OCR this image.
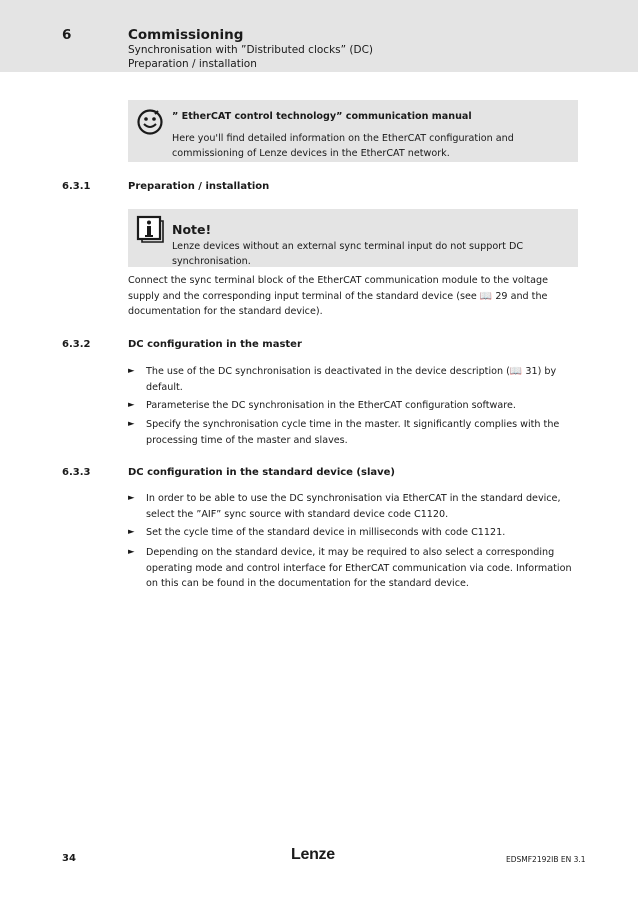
6	Commissioning
Synchronisation with ”Distributed clocks” (DC)
Preparation / installation
” EtherCAT control technology” communication manual
Here you'll find detailed information on the EtherCAT configuration and commissioning of Lenze devices in the EtherCAT network.
6.3.1	Preparation / installation
Note!
Lenze devices without an external sync terminal input do not support DC synchronisation.
Connect the sync terminal block of the EtherCAT communication module to the voltage supply and the corresponding input terminal of the standard device (see 📖 29 and the documentation for the standard device).
6.3.2	DC configuration in the master
► The use of the DC synchronisation is deactivated in the device description (📖 31) by default.
► Parameterise the DC synchronisation in the EtherCAT configuration software.
► Specify the synchronisation cycle time in the master. It significantly complies with the processing time of the master and slaves.
6.3.3	DC configuration in the standard device (slave)
► In order to be able to use the DC synchronisation via EtherCAT in the standard device, select the ”AIF” sync source with standard device code C1120.
► Set the cycle time of the standard device in milliseconds with code C1121.
► Depending on the standard device, it may be required to also select a corresponding operating mode and control interface for EtherCAT communication via code. Information on this can be found in the documentation for the standard device.
34	Lenze	EDSMF2192IB EN 3.1
